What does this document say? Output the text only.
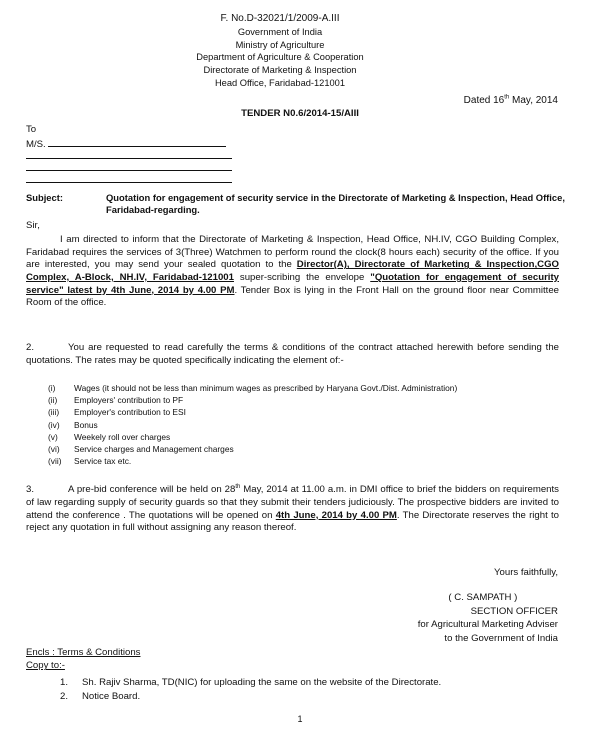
F. No.D-32021/1/2009-A.III
Government of India
Ministry of Agriculture
Department of Agriculture & Cooperation
Directorate of Marketing & Inspection
Head Office, Faridabad-121001
Dated 16th May, 2014
TENDER N0.6/2014-15/AIII
To
M/S.
Subject:	Quotation for engagement of security service in the Directorate of Marketing & Inspection, Head Office, Faridabad-regarding.
Sir,
I am directed to inform that the Directorate of Marketing & Inspection, Head Office, NH.IV, CGO Building Complex, Faridabad requires the services of 3(Three) Watchmen to perform round the clock(8 hours each) security of the office. If you are interested, you may send your sealed quotation to the Director(A), Directorate of Marketing & Inspection,CGO Complex, A-Block, NH.IV, Faridabad-121001 super-scribing the envelope "Quotation for engagement of security service" latest by 4th June, 2014 by 4.00 PM. Tender Box is lying in the Front Hall on the ground floor near Committee Room of the office.
2.	You are requested to read carefully the terms & conditions of the contract attached herewith before sending the quotations. The rates may be quoted specifically indicating the element of:-
(i) Wages (it should not be less than minimum wages as prescribed by Haryana Govt./Dist. Administration)
(ii) Employers' contribution to PF
(iii) Employer's contribution to ESI
(iv) Bonus
(v) Weekely roll over charges
(vi) Service charges and Management charges
(vii) Service tax etc.
3.	A pre-bid conference will be held on 28th May, 2014 at 11.00 a.m. in DMI office to brief the bidders on requirements of law regarding supply of security guards so that they submit their tenders judiciously. The prospective bidders are invited to attend the conference . The quotations will be opened on 4th June, 2014 by 4.00 PM. The Directorate reserves the right to reject any quotation in full without assigning any reason thereof.
Yours faithfully,
( C. SAMPATH )
SECTION OFFICER
for Agricultural Marketing Adviser
to the Government of India
Encls : Terms & Conditions
Copy to:-
1. Sh. Rajiv Sharma, TD(NIC) for uploading the same on the website of the Directorate.
2. Notice Board.
1
